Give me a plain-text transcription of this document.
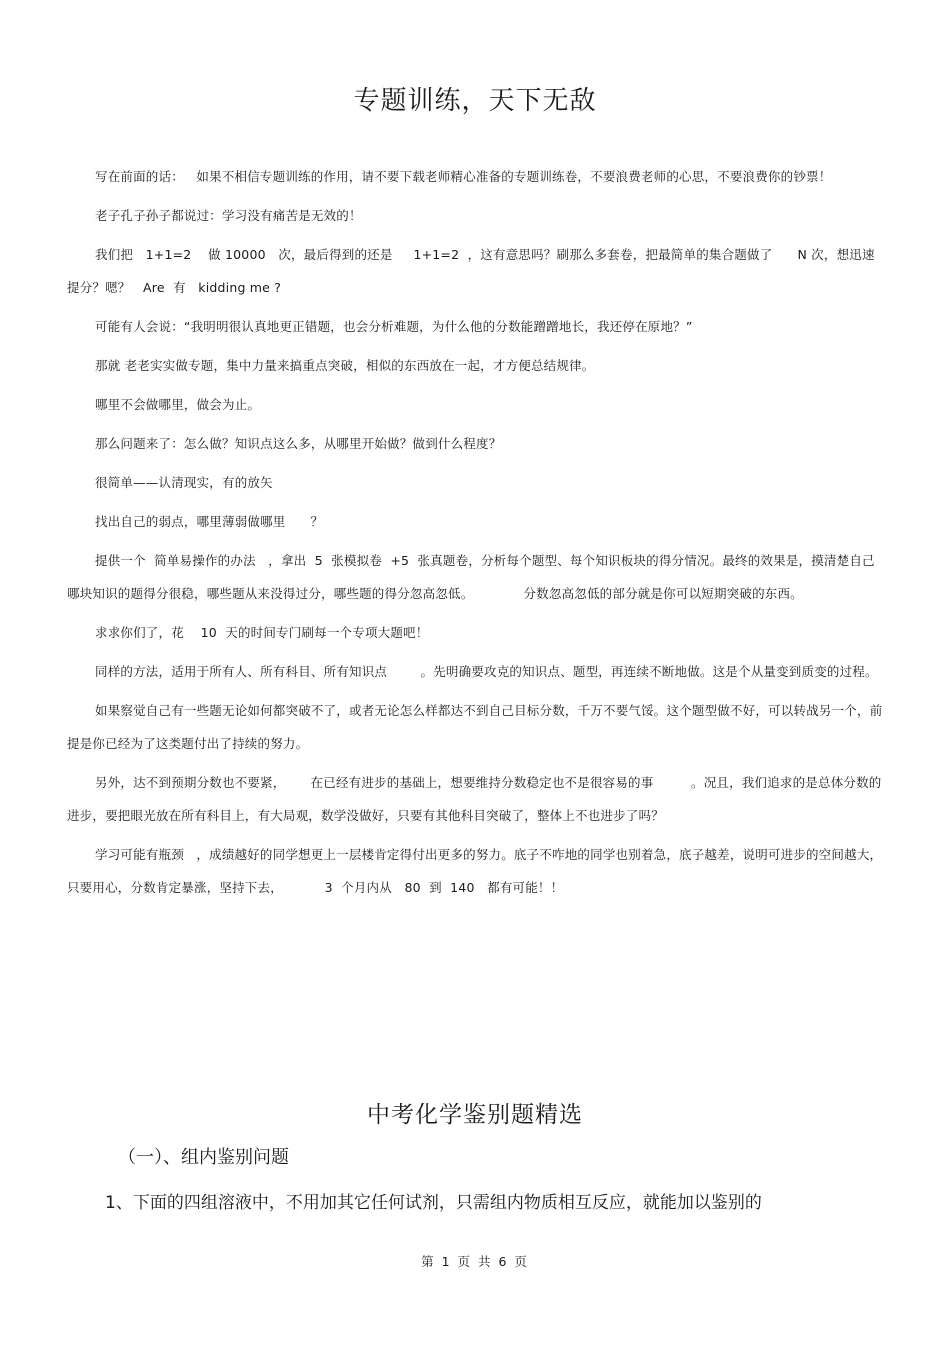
专题训练，天下无敌

写在前面的话：   如果不相信专题训练的作用，请不要下载老师精心准备的专题训练卷，不要浪费老师的心思，不要浪费你的钞票！

老子孔子孙子都说过：学习没有痛苦是无效的！

我们把   1+1=2    做 10000   次，最后得到的还是     1+1=2  ，这有意思吗？刷那么多套卷，把最简单的集合题做了      N 次，想迅速提分？嗯？   Are  有   kidding me ?

可能有人会说：“我明明很认真地更正错题，也会分析难题，为什么他的分数能蹭蹭地长，我还停在原地？”

那就 老老实实做专题，集中力量来搞重点突破，相似的东西放在一起，才方便总结规律。

哪里不会做哪里，做会为止。

那么问题来了：怎么做？知识点这么多，从哪里开始做？做到什么程度？

很简单——认清现实，有的放矢

找出自己的弱点，哪里薄弱做哪里      ？

提供一个  简单易操作的办法   ，拿出  5  张模拟卷  +5  张真题卷，分析每个题型、每个知识板块的得分情况。最终的效果是，摸清楚自己哪块知识的题得分很稳，哪些题从来没得过分，哪些题的得分忽高忽低。            分数忽高忽低的部分就是你可以短期突破的东西。

求求你们了，花    10  天的时间专门刷每一个专项大题吧！

同样的方法，适用于所有人、所有科目、所有知识点        。先明确要攻克的知识点、题型，再连续不断地做。这是个从量变到质变的过程。

如果察觉自己有一些题无论如何都突破不了，或者无论怎么样都达不到自己目标分数，千万不要气馁。这个题型做不好，可以转战另一个，前提是你已经为了这类题付出了持续的努力。

另外，达不到预期分数也不要紧，      在已经有进步的基础上，想要维持分数稳定也不是很容易的事         。况且，我们追求的是总体分数的进步，要把眼光放在所有科目上，有大局观，数学没做好，只要有其他科目突破了，整体上不也进步了吗？

学习可能有瓶颈   ，成绩越好的同学想更上一层楼肯定得付出更多的努力。底子不咋地的同学也别着急，底子越差，说明可进步的空间越大，只要用心，分数肯定暴涨，坚持下去，          3  个月内从   80  到  140   都有可能！！

中考化学鉴别题精选

（一）、组内鉴别问题

1、下面的四组溶液中，不用加其它任何试剂，只需组内物质相互反应，就能加以鉴别的

第 1 页 共 6 页
